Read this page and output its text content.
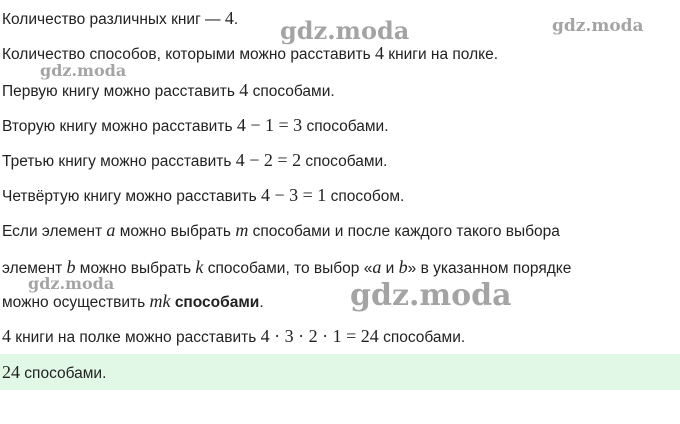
gdz.moda	gdz.moda
gdz.moda
gdz.moda	gdz.moda
Количество различных книг — 4.
Количество способов, которыми можно расставить 4 книги на полке.
Первую книгу можно расставить 4 способами.
Вторую книгу можно расставить 4 − 1 = 3 способами.
Третью книгу можно расставить 4 − 2 = 2 способами.
Четвёртую книгу можно расставить 4 − 3 = 1 способом.
Если элемент a можно выбрать m способами и после каждого такого выбора
элемент b можно выбрать k способами, то выбор «a и b» в указанном порядке
можно осуществить mk способами.
4 книги на полке можно расставить 4 · 3 · 2 · 1 = 24 способами.
24 способами.
